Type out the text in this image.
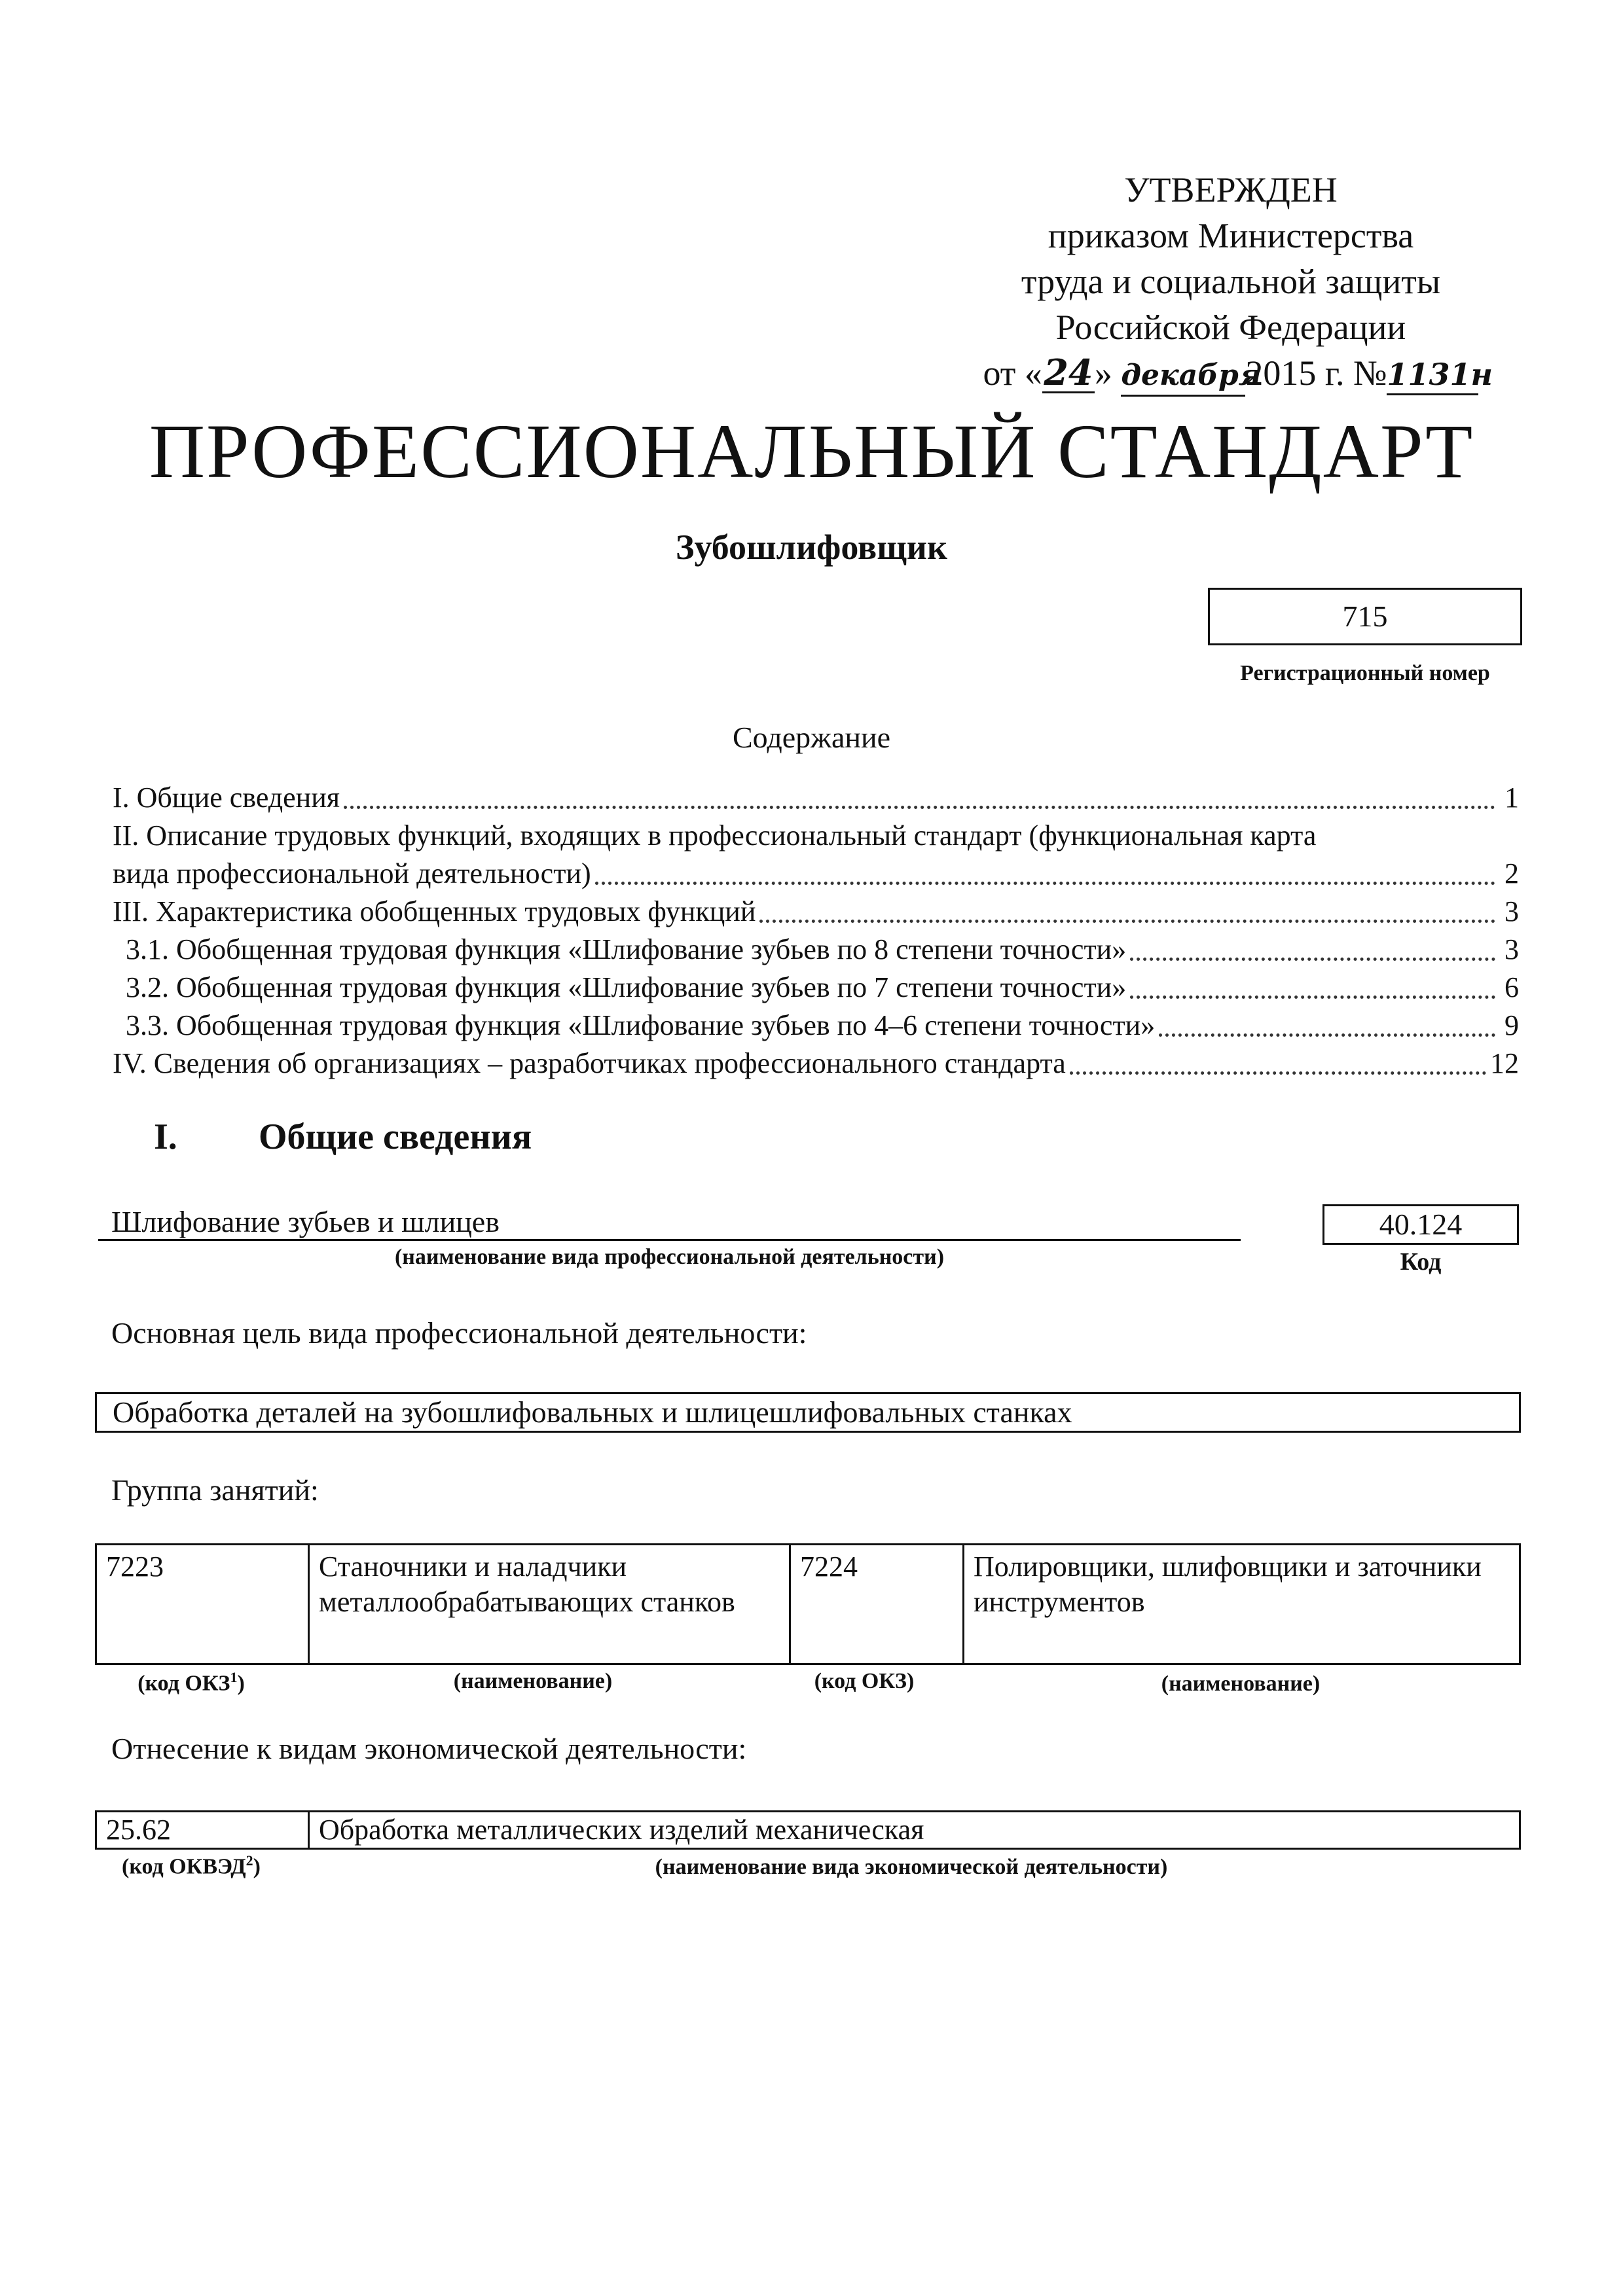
УТВЕРЖДЕН
приказом Министерства
труда и социальной защиты
Российской Федерации
от «24» декабря2015 г. №1131н
ПРОФЕССИОНАЛЬНЫЙ СТАНДАРТ
Зубошлифовщик
715
Регистрационный номер
Содержание
I. Общие сведения	1
II. Описание трудовых функций, входящих в профессиональный стандарт (функциональная карта
вида профессиональной деятельности)	2
III. Характеристика обобщенных трудовых функций	3
3.1. Обобщенная трудовая функция «Шлифование зубьев по 8 степени точности»	3
3.2. Обобщенная трудовая функция «Шлифование зубьев по 7 степени точности»	6
3.3. Обобщенная трудовая функция «Шлифование зубьев по 4–6 степени точности»	9
IV. Сведения об организациях – разработчиках профессионального стандарта	12
I. Общие сведения
Шлифование зубьев и шлицев
(наименование вида профессиональной деятельности)
40.124
Код
Основная цель вида профессиональной деятельности:
Обработка деталей на зубошлифовальных и шлицешлифовальных станках
Группа занятий:
7223	Станочники и наладчики металлообрабатывающих станков	7224	Полировщики, шлифовщики и заточники инструментов
(код ОКЗ$^1$)	(наименование)	(код ОКЗ)	(наименование)
Отнесение к видам экономической деятельности:
25.62	Обработка металлических изделий механическая
(код ОКВЭД$^2$)	(наименование вида экономической деятельности)
